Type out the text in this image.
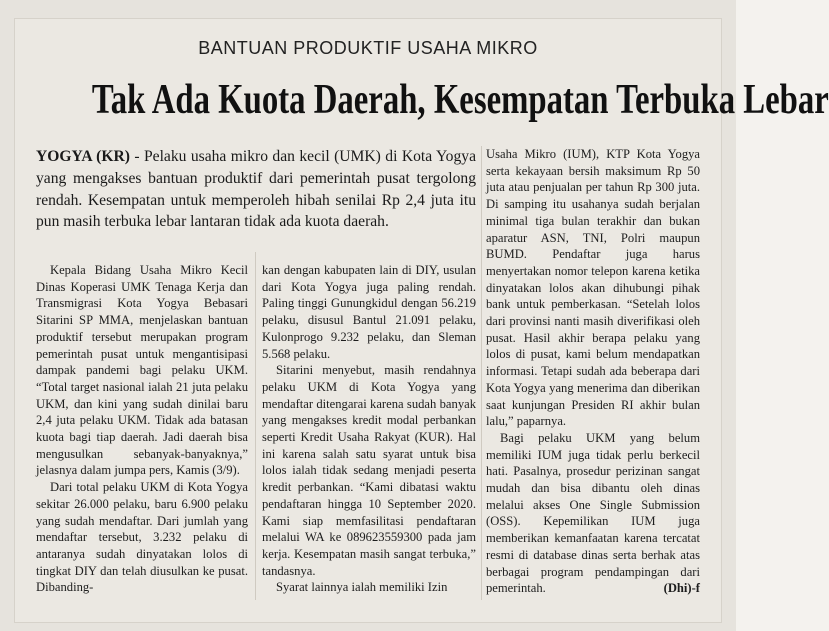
BANTUAN PRODUKTIF USAHA MIKRO
Tak Ada Kuota Daerah, Kesempatan Terbuka Lebar
YOGYA (KR) - Pelaku usaha mikro dan kecil (UMK) di Kota Yogya yang mengakses bantuan produktif dari pemerintah pusat tergolong rendah. Kesempatan untuk memperoleh hibah senilai Rp 2,4 juta itu pun masih terbuka lebar lantaran tidak ada kuota daerah.

Kepala Bidang Usaha Mikro Kecil Dinas Koperasi UMK Tenaga Kerja dan Transmigrasi Kota Yogya Bebasari Sitarini SP MMA, menjelaskan bantuan produktif tersebut merupakan program pemerintah pusat untuk mengantisipasi dampak pandemi bagi pelaku UKM. “Total target nasional ialah 21 juta pelaku UKM, dan kini yang sudah dinilai baru 2,4 juta pelaku UKM. Tidak ada batasan kuota bagi tiap daerah. Jadi daerah bisa mengusulkan sebanyak-banyaknya,” jelasnya dalam jumpa pers, Kamis (3/9).

Dari total pelaku UKM di Kota Yogya sekitar 26.000 pelaku, baru 6.900 pelaku yang sudah mendaftar. Dari jumlah yang mendaftar tersebut, 3.232 pelaku di antaranya sudah dinyatakan lolos di tingkat DIY dan telah diusulkan ke pusat. Dibanding-

kan dengan kabupaten lain di DIY, usulan dari Kota Yogya juga paling rendah. Paling tinggi Gunungkidul dengan 56.219 pelaku, disusul Bantul 21.091 pelaku, Kulonprogo 9.232 pelaku, dan Sleman 5.568 pelaku.

Sitarini menyebut, masih rendahnya pelaku UKM di Kota Yogya yang mendaftar ditengarai karena sudah banyak yang mengakses kredit modal perbankan seperti Kredit Usaha Rakyat (KUR). Hal ini karena salah satu syarat untuk bisa lolos ialah tidak sedang menjadi peserta kredit perbankan. “Kami dibatasi waktu pendaftaran hingga 10 September 2020. Kami siap memfasilitasi pendaftaran melalui WA ke 089623559300 pada jam kerja. Kesempatan masih sangat terbuka,” tandasnya.

Syarat lainnya ialah memiliki Izin

Usaha Mikro (IUM), KTP Kota Yogya serta kekayaan bersih maksimum Rp 50 juta atau penjualan per tahun Rp 300 juta. Di samping itu usahanya sudah berjalan minimal tiga bulan terakhir dan bukan aparatur ASN, TNI, Polri maupun BUMD. Pendaftar juga harus menyertakan nomor telepon karena ketika dinyatakan lolos akan dihubungi pihak bank untuk pemberkasan. “Setelah lolos dari provinsi nanti masih diverifikasi oleh pusat. Hasil akhir berapa pelaku yang lolos di pusat, kami belum mendapatkan informasi. Tetapi sudah ada beberapa dari Kota Yogya yang menerima dan diberikan saat kunjungan Presiden RI akhir bulan lalu,” paparnya.

Bagi pelaku UKM yang belum memiliki IUM juga tidak perlu berkecil hati. Pasalnya, prosedur perizinan sangat mudah dan bisa dibantu oleh dinas melalui akses One Single Submission (OSS). Kepemilikan IUM juga memberikan kemanfaatan karena tercatat resmi di database dinas serta berhak atas berbagai program pendampingan dari pemerintah.	(Dhi)-f
